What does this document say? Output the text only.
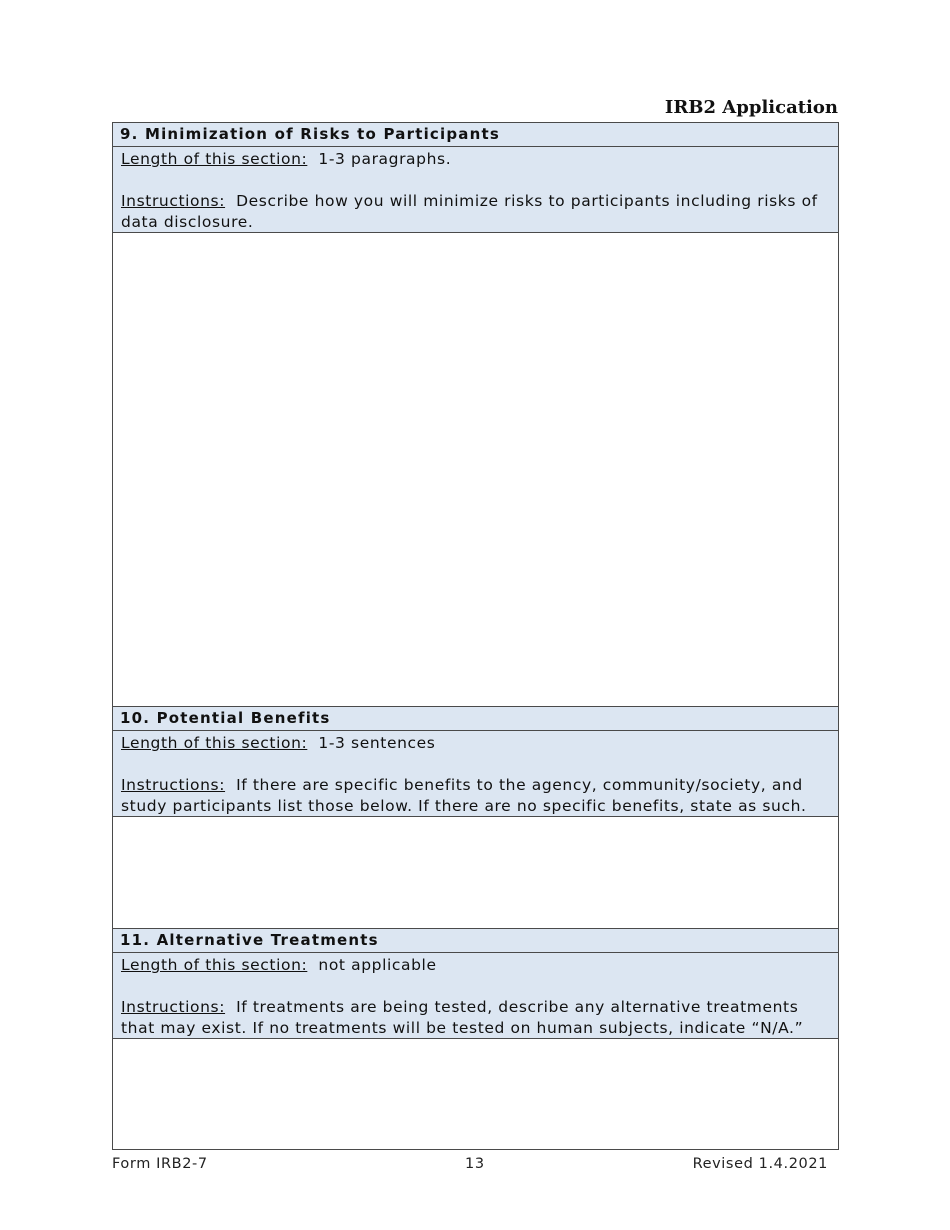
IRB2 Application
9. Minimization of Risks to Participants

Length of this section: 1-3 paragraphs.

Instructions: Describe how you will minimize risks to participants including risks of data disclosure.

10. Potential Benefits

Length of this section: 1-3 sentences

Instructions: If there are specific benefits to the agency, community/society, and study participants list those below. If there are no specific benefits, state as such.

11. Alternative Treatments

Length of this section: not applicable

Instructions: If treatments are being tested, describe any alternative treatments that may exist. If no treatments will be tested on human subjects, indicate “N/A.”

Form IRB2-7	13	Revised 1.4.2021
